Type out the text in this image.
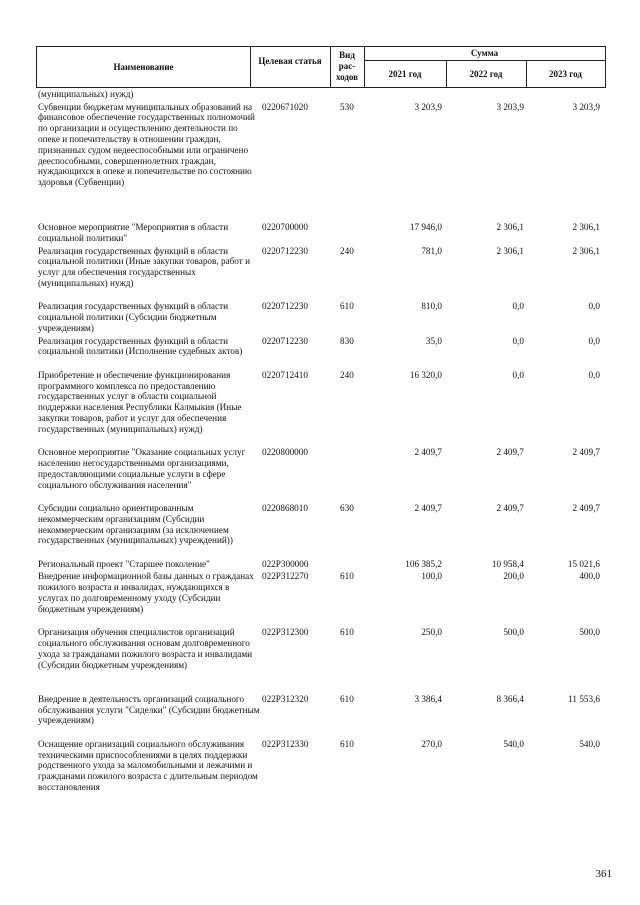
Наименование
Целевая статья
Вид
рас-
ходов
Сумма
2021 год	2022 год	2023 год
(муниципальных) нужд)
Субвенции бюджетам муниципальных образований на финансовое обеспечение государственных полномочий по организации и осуществлению деятельности по опеке и попечительству в отношении граждан, признанных судом недееспособными или ограничено дееспособными, совершеннолетних граждан, нуждающихся в опеке и попечительстве по состоянию здоровья (Субвенции)
0220671020	530	3 203,9	3 203,9	3 203,9
Основное мероприятие "Мероприятия в области социальной политики"
0220700000	17 946,0	2 306,1	2 306,1
Реализация государственных функций в области социальной политики (Иные закупки товаров, работ и услуг для обеспечения государственных (муниципальных) нужд)
0220712230	240	781,0	2 306,1	2 306,1
Реализация государственных функций в области социальной политики (Субсидии бюджетным учреждениям)
0220712230	610	810,0	0,0	0,0
Реализация государственных функций в области социальной политики (Исполнение судебных актов)
0220712230	830	35,0	0,0	0,0
Приобретение и обеспечение функционирования программного комплекса по предоставлению государственных услуг в области социальной поддержки населения Республики Калмыкия (Иные закупки товаров, работ и услуг для обеспечения государственных (муниципальных) нужд)
0220712410	240	16 320,0	0,0	0,0
Основное мероприятие "Оказание социальных услуг населению негосударственными организациями, предоставляющими социальные услуги в сфере социального обслуживания населения"
0220800000	2 409,7	2 409,7	2 409,7
Субсидии социально ориентированным некоммерческим организациям (Субсидии некоммерческим организациям (за исключением государственных (муниципальных) учреждений))
0220868010	630	2 409,7	2 409,7	2 409,7
Региональный проект "Старшее поколение"	022P300000	106 385,2	10 958,4	15 021,6
Внедрение информационной базы данных о гражданах пожилого возраста и инвалидах, нуждающихся в услугах по долговременному уходу (Субсидии бюджетным учреждениям)
022P312270	610	100,0	200,0	400,0
Организация обучения специалистов организаций социального обслуживания основам долговременного ухода за гражданами пожилого возраста и инвалидами (Субсидии бюджетным учреждениям)
022P312300	610	250,0	500,0	500,0
Внедрение в деятельность организаций социального обслуживания услуги "Сиделки" (Субсидии бюджетным учреждениям)
022P312320	610	3 386,4	8 366,4	11 553,6
Оснащение организаций социального обслуживания техническими приспособлениями в целях поддержки родственного ухода за маломобильными и лежачими и гражданами пожилого возраста с длительным периодом восстановления
022P312330	610	270,0	540,0	540,0
361
